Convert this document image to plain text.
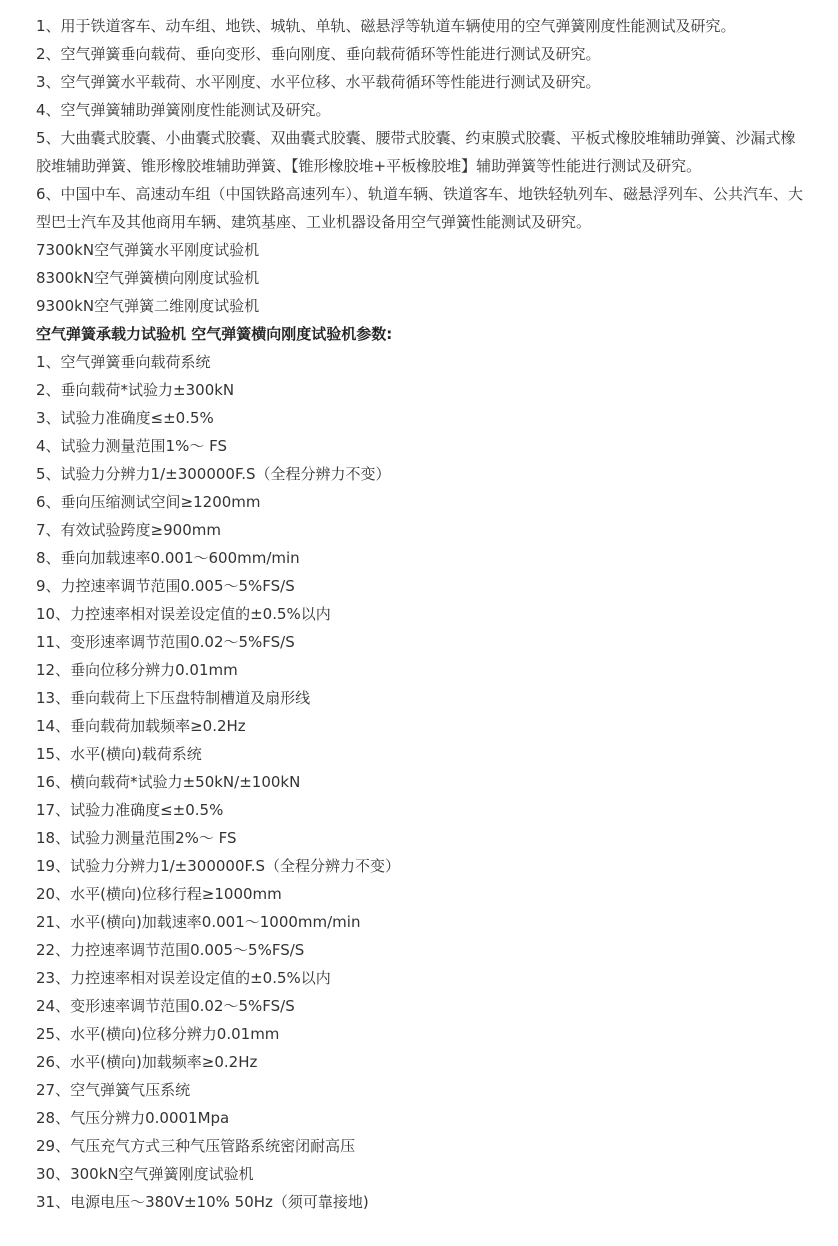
1、用于铁道客车、动车组、地铁、城轨、单轨、磁悬浮等轨道车辆使用的空气弹簧刚度性能测试及研究。
2、空气弹簧垂向载荷、垂向变形、垂向刚度、垂向载荷循环等性能进行测试及研究。
3、空气弹簧水平载荷、水平刚度、水平位移、水平载荷循环等性能进行测试及研究。
4、空气弹簧辅助弹簧刚度性能测试及研究。
5、大曲囊式胶囊、小曲囊式胶囊、双曲囊式胶囊、腰带式胶囊、约束膜式胶囊、平板式橡胶堆辅助弹簧、沙漏式橡胶堆辅助弹簧、锥形橡胶堆辅助弹簧、【锥形橡胶堆+平板橡胶堆】辅助弹簧等性能进行测试及研究。
6、中国中车、高速动车组（中国铁路高速列车）、轨道车辆、铁道客车、地铁轻轨列车、磁悬浮列车、公共汽车、大型巴士汽车及其他商用车辆、建筑基座、工业机器设备用空气弹簧性能测试及研究。
7300kN空气弹簧水平刚度试验机
8300kN空气弹簧横向刚度试验机
9300kN空气弹簧二维刚度试验机
空气弹簧承载力试验机 空气弹簧横向刚度试验机参数:
1、空气弹簧垂向载荷系统
2、垂向载荷*试验力±300kN
3、试验力准确度≤±0.5%
4、试验力测量范围1%～ FS
5、试验力分辨力1/±300000F.S（全程分辨力不变）
6、垂向压缩测试空间≥1200mm
7、有效试验跨度≥900mm
8、垂向加载速率0.001～600mm/min
9、力控速率调节范围0.005～5%FS/S
10、力控速率相对误差设定值的±0.5%以内
11、变形速率调节范围0.02～5%FS/S
12、垂向位移分辨力0.01mm
13、垂向载荷上下压盘特制槽道及扇形线
14、垂向载荷加载频率≥0.2Hz
15、水平(横向)载荷系统
16、横向载荷*试验力±50kN/±100kN
17、试验力准确度≤±0.5%
18、试验力测量范围2%～ FS
19、试验力分辨力1/±300000F.S（全程分辨力不变）
20、水平(横向)位移行程≥1000mm
21、水平(横向)加载速率0.001～1000mm/min
22、力控速率调节范围0.005～5%FS/S
23、力控速率相对误差设定值的±0.5%以内
24、变形速率调节范围0.02～5%FS/S
25、水平(横向)位移分辨力0.01mm
26、水平(横向)加载频率≥0.2Hz
27、空气弹簧气压系统
28、气压分辨力0.0001Mpa
29、气压充气方式三种气压管路系统密闭耐高压
30、300kN空气弹簧刚度试验机
31、电源电压～380V±10% 50Hz（须可靠接地)
